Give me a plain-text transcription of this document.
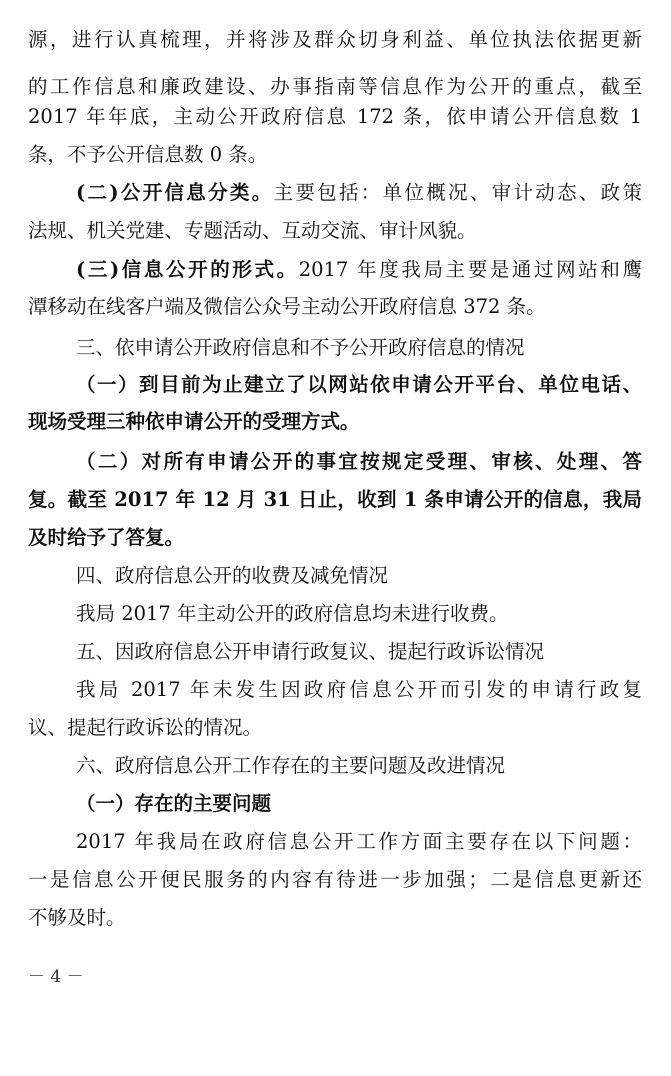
源，进行认真梳理，并将涉及群众切身利益、单位执法依据更新
的工作信息和廉政建设、办事指南等信息作为公开的重点，截至
2017 年年底，主动公开政府信息 172 条，依申请公开信息数 1
条，不予公开信息数 0 条。
(二)公开信息分类。主要包括：单位概况、审计动态、政策
法规、机关党建、专题活动、互动交流、审计风貌。
(三)信息公开的形式。2017 年度我局主要是通过网站和鹰
潭移动在线客户端及微信公众号主动公开政府信息 372 条。
三、依申请公开政府信息和不予公开政府信息的情况
（一）到目前为止建立了以网站依申请公开平台、单位电话、
现场受理三种依申请公开的受理方式。
（二）对所有申请公开的事宜按规定受理、审核、处理、答
复。截至 2017 年 12 月 31 日止，收到 1 条申请公开的信息，我局
及时给予了答复。
四、政府信息公开的收费及减免情况
我局 2017 年主动公开的政府信息均未进行收费。
五、因政府信息公开申请行政复议、提起行政诉讼情况
我局 2017 年未发生因政府信息公开而引发的申请行政复
议、提起行政诉讼的情况。
六、政府信息公开工作存在的主要问题及改进情况
（一）存在的主要问题
2017 年我局在政府信息公开工作方面主要存在以下问题：
一是信息公开便民服务的内容有待进一步加强；二是信息更新还
不够及时。
－ 4 －
